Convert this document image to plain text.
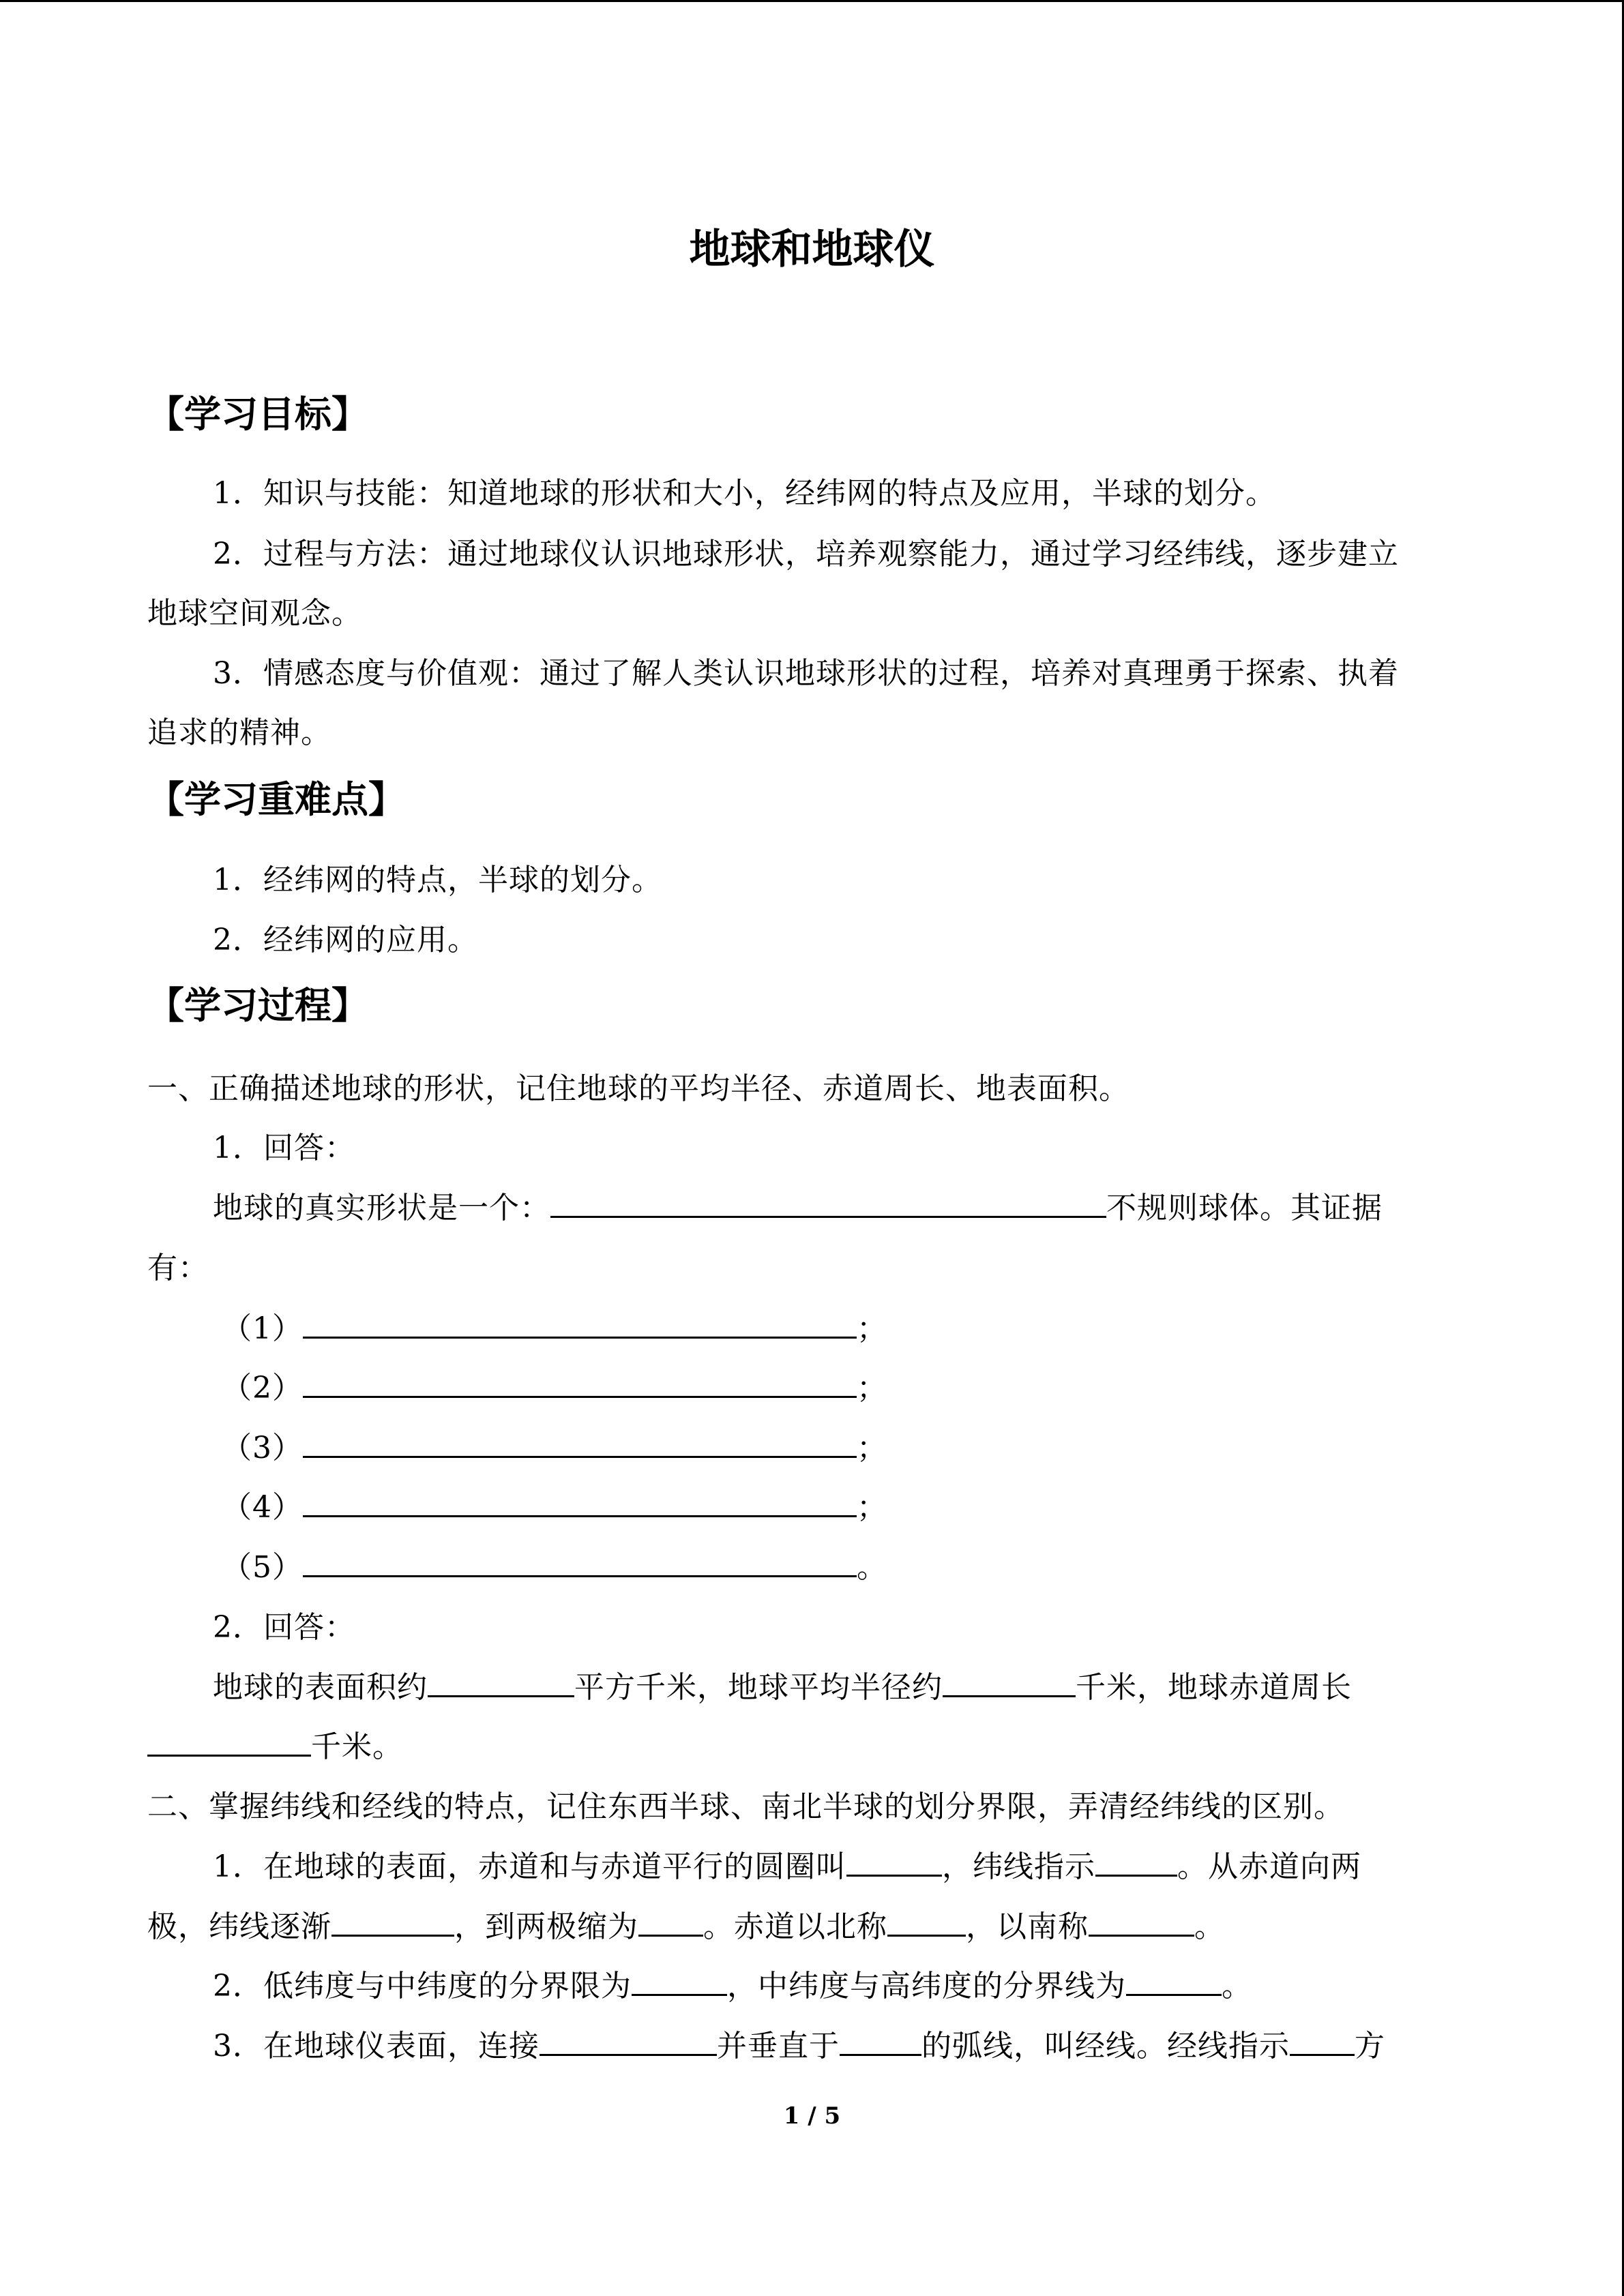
地球和地球仪
【学习目标】
1．知识与技能：知道地球的形状和大小，经纬网的特点及应用，半球的划分。
2．过程与方法：通过地球仪认识地球形状，培养观察能力，通过学习经纬线，逐步建立
地球空间观念。
3．情感态度与价值观：通过了解人类认识地球形状的过程，培养对真理勇于探索、执着
追求的精神。
【学习重难点】
1．经纬网的特点，半球的划分。
2．经纬网的应用。
【学习过程】
一、正确描述地球的形状，记住地球的平均半径、赤道周长、地表面积。
1．回答：
地球的真实形状是一个：	不规则球体。其证据
有：
（1）	；
（2）	；
（3）	；
（4）	；
（5）	。
2．回答：
地球的表面积约	平方千米，地球平均半径约	千米，地球赤道周长
千米。
二、掌握纬线和经线的特点，记住东西半球、南北半球的划分界限，弄清经纬线的区别。
1．在地球的表面，赤道和与赤道平行的圆圈叫	，纬线指示	。从赤道向两
极，纬线逐渐	，到两极缩为 。赤道以北称	，以南称	。
2．低纬度与中纬度的分界限为	，中纬度与高纬度的分界线为	。
3．在地球仪表面，连接	并垂直于	的弧线，叫经线。经线指示 方
1 / 5
